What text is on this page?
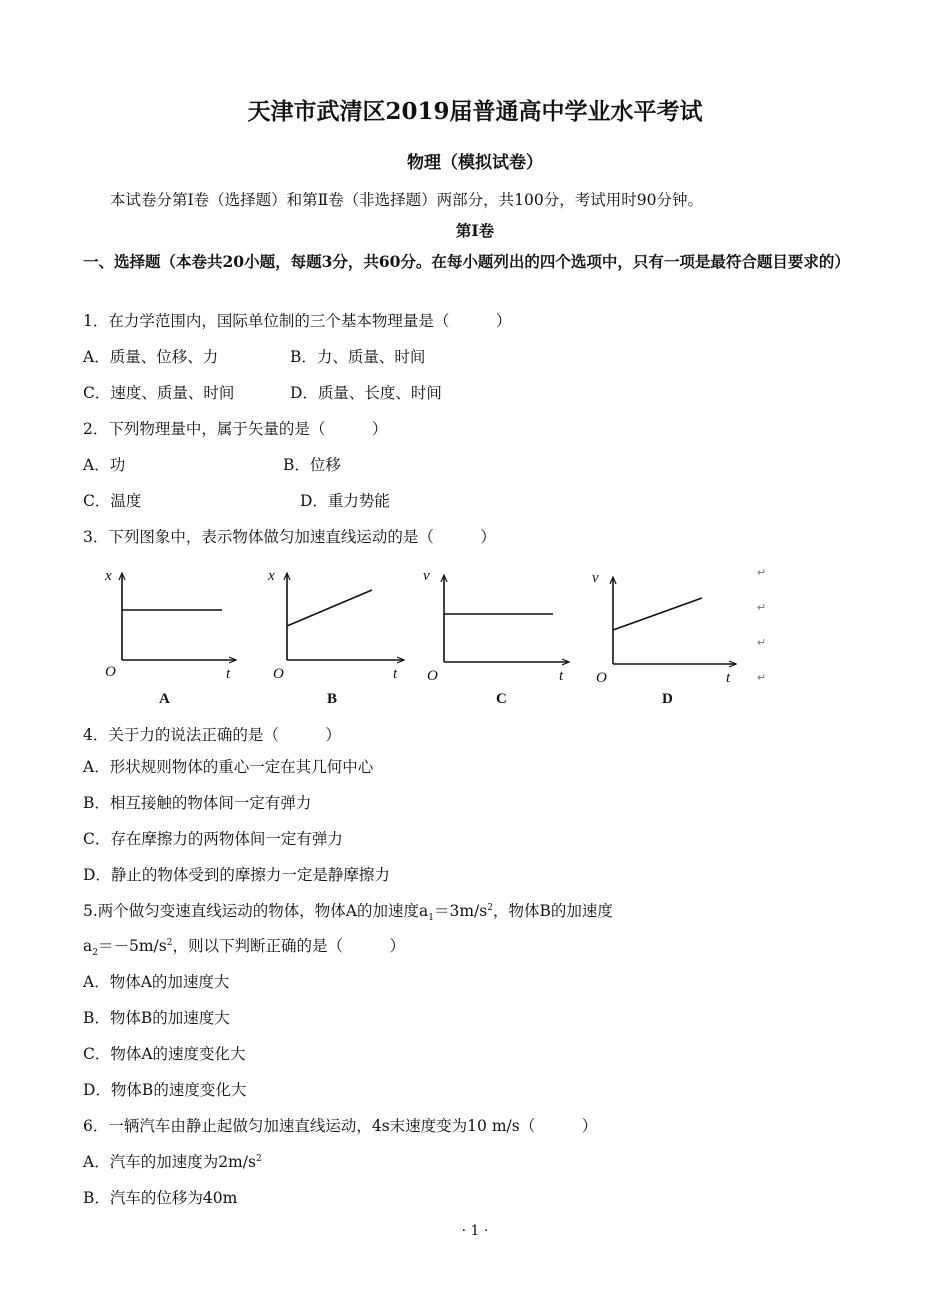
天津市武清区2019届普通高中学业水平考试
物理（模拟试卷）
本试卷分第Ⅰ卷（选择题）和第Ⅱ卷（非选择题）两部分，共100分，考试用时90分钟。
第Ⅰ卷
一、选择题（本卷共20小题，每题3分，共60分。在每小题列出的四个选项中，只有一项是最符合题目要求的）
1．在力学范围内，国际单位制的三个基本物理量是（　　　）
A．质量、位移、力	B．力、质量、时间
C．速度、质量、时间	D．质量、长度、时间
2．下列物理量中，属于矢量的是（　　　）
A．功	B．位移
C．温度	D．重力势能
3．下列图象中，表示物体做匀加速直线运动的是（　　　）
x
O	t
A
x
O	t
B
v
O	t
C
v
O	t
D
↵
↵
↵
↵
4．关于力的说法正确的是（　　　）
A．形状规则物体的重心一定在其几何中心
B．相互接触的物体间一定有弹力
C．存在摩擦力的两物体间一定有弹力
D．静止的物体受到的摩擦力一定是静摩擦力
5.两个做匀变速直线运动的物体，物体A的加速度$a_1=3m/s^2$，物体B的加速度
$a_2=-5m/s^2$，则以下判断正确的是（　　　）
A．物体A的加速度大
B．物体B的加速度大
C．物体A的速度变化大
D．物体B的速度变化大
6．一辆汽车由静止起做匀加速直线运动，4s末速度变为10 m/s（　　　）
A．汽车的加速度为$2m/s^2$
B．汽车的位移为40m
· 1 ·
